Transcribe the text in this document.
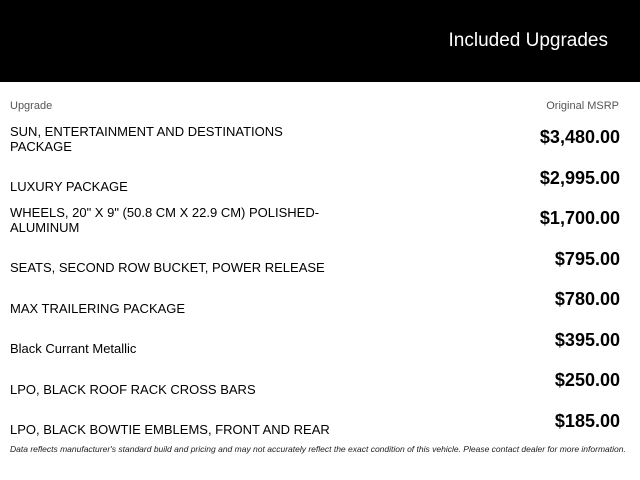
Included Upgrades
Upgrade	Original MSRP
SUN, ENTERTAINMENT AND DESTINATIONS PACKAGE	$3,480.00
LUXURY PACKAGE	$2,995.00
WHEELS, 20" X 9" (50.8 CM X 22.9 CM) POLISHED-ALUMINUM	$1,700.00
SEATS, SECOND ROW BUCKET, POWER RELEASE	$795.00
MAX TRAILERING PACKAGE	$780.00
Black Currant Metallic	$395.00
LPO, BLACK ROOF RACK CROSS BARS	$250.00
LPO, BLACK BOWTIE EMBLEMS, FRONT AND REAR	$185.00
Data reflects manufacturer's standard build and pricing and may not accurately reflect the exact condition of this vehicle. Please contact dealer for more information.
